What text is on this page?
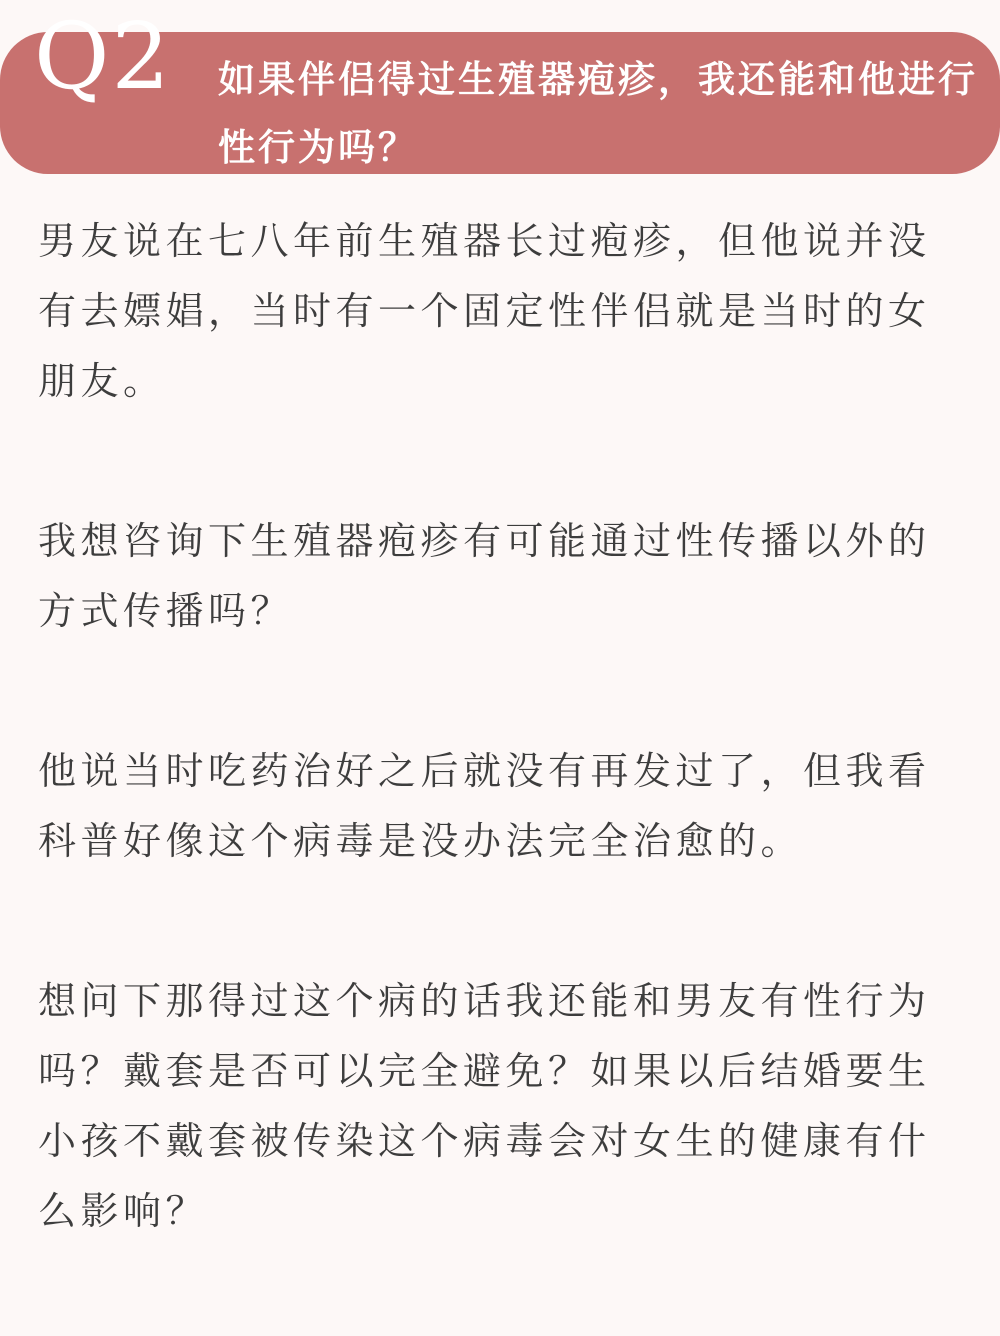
Q2 如果伴侣得过生殖器疱疹，我还能和他进行性行为吗？

男友说在七八年前生殖器长过疱疹，但他说并没有去嫖娼，当时有一个固定性伴侣就是当时的女朋友。

我想咨询下生殖器疱疹有可能通过性传播以外的方式传播吗？

他说当时吃药治好之后就没有再发过了，但我看科普好像这个病毒是没办法完全治愈的。

想问下那得过这个病的话我还能和男友有性行为吗？戴套是否可以完全避免？如果以后结婚要生小孩不戴套被传染这个病毒会对女生的健康有什么影响？
